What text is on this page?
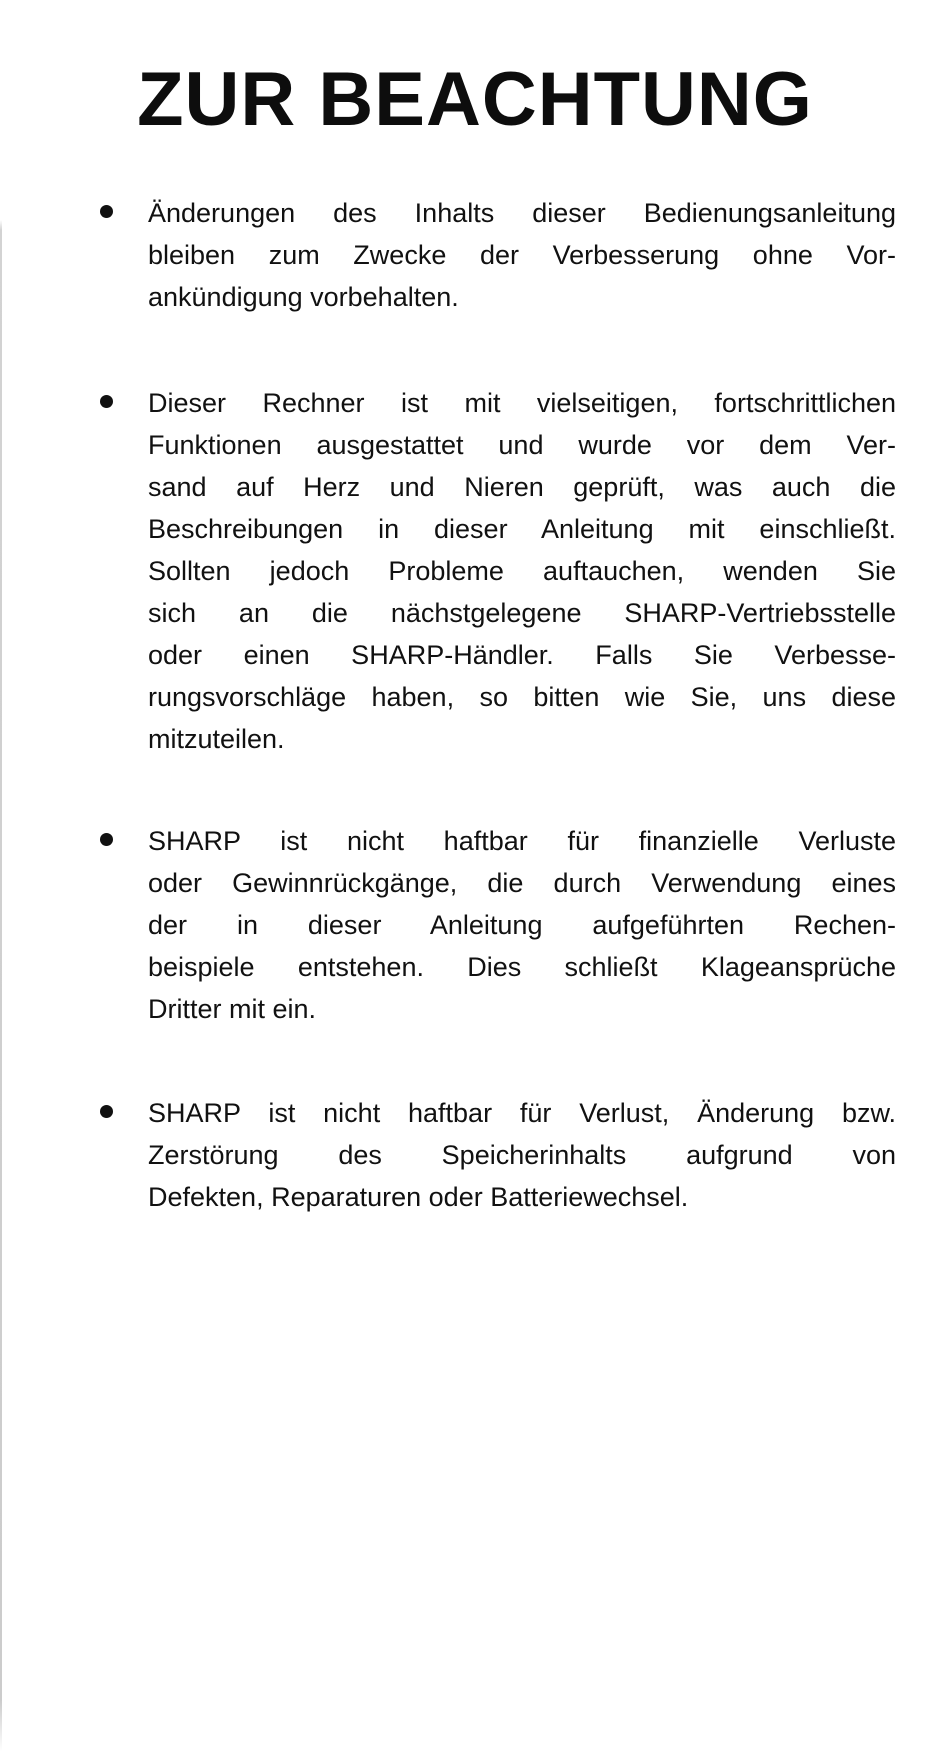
ZUR BEACHTUNG
Änderungen des Inhalts dieser Bedienungsanleitung
bleiben zum Zwecke der Verbesserung ohne Vor-
ankündigung vorbehalten.
Dieser Rechner ist mit vielseitigen, fortschrittlichen
Funktionen ausgestattet und wurde vor dem Ver-
sand auf Herz und Nieren geprüft, was auch die
Beschreibungen in dieser Anleitung mit einschließt.
Sollten jedoch Probleme auftauchen, wenden Sie
sich an die nächstgelegene SHARP-Vertriebsstelle
oder einen SHARP-Händler. Falls Sie Verbesse-
rungsvorschläge haben, so bitten wie Sie, uns diese
mitzuteilen.
SHARP ist nicht haftbar für finanzielle Verluste
oder Gewinnrückgänge, die durch Verwendung eines
der in dieser Anleitung aufgeführten Rechen-
beispiele entstehen. Dies schließt Klageansprüche
Dritter mit ein.
SHARP ist nicht haftbar für Verlust, Änderung bzw.
Zerstörung des Speicherinhalts aufgrund von
Defekten, Reparaturen oder Batteriewechsel.
